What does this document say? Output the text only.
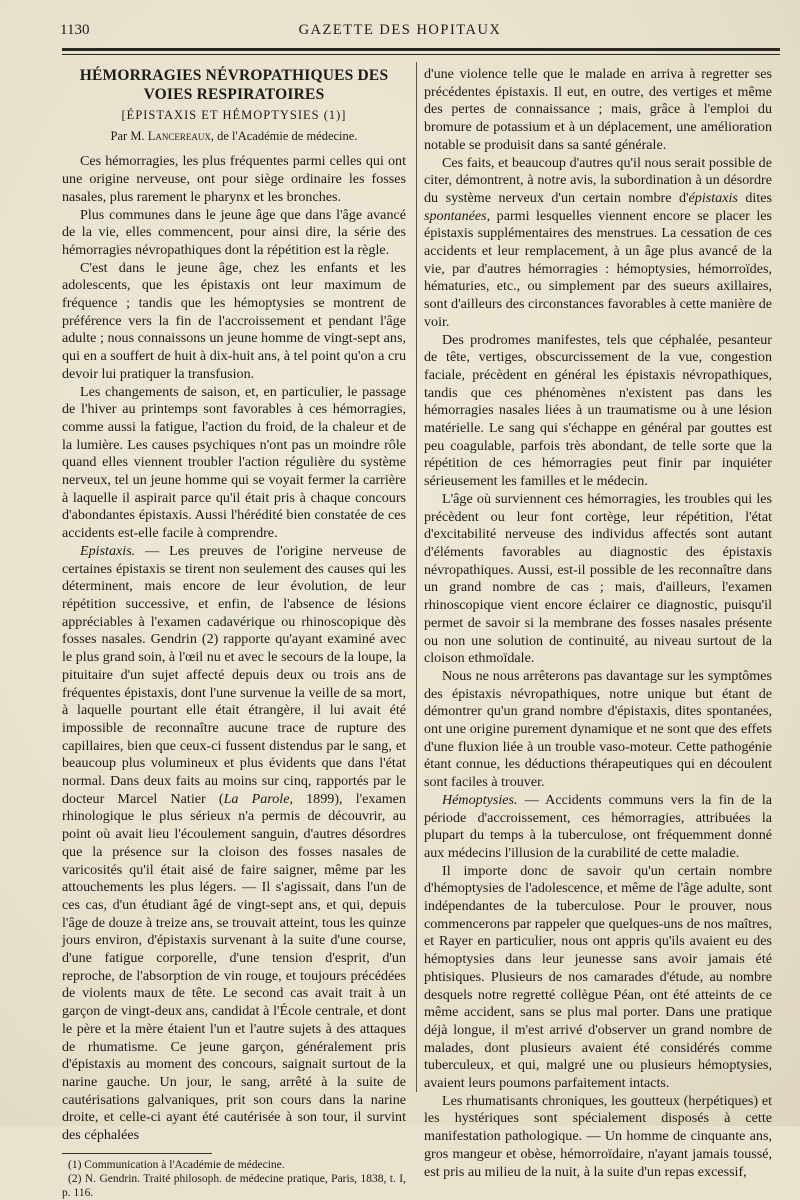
1130	GAZETTE DES HOPITAUX
HÉMORRAGIES NÉVROPATHIQUES DES VOIES RESPIRATOIRES
[ÉPISTAXIS ET HÉMOPTYSIES (1)]
Par M. Lancereaux, de l'Académie de médecine.

Ces hémorragies, les plus fréquentes parmi celles qui ont une origine nerveuse, ont pour siège ordinaire les fosses nasales, plus rarement le pharynx et les bronches.

Plus communes dans le jeune âge que dans l'âge avancé de la vie, elles commencent, pour ainsi dire, la série des hémorragies névropathiques dont la répétition est la règle.

C'est dans le jeune âge, chez les enfants et les adolescents, que les épistaxis ont leur maximum de fréquence ; tandis que les hémoptysies se montrent de préférence vers la fin de l'accroissement et pendant l'âge adulte ; nous connaissons un jeune homme de vingt-sept ans, qui en a souffert de huit à dix-huit ans, à tel point qu'on a cru devoir lui pratiquer la transfusion.

Les changements de saison, et, en particulier, le passage de l'hiver au printemps sont favorables à ces hémorragies, comme aussi la fatigue, l'action du froid, de la chaleur et de la lumière. Les causes psychiques n'ont pas un moindre rôle quand elles viennent troubler l'action régulière du système nerveux, tel un jeune homme qui se voyait fermer la carrière à laquelle il aspirait parce qu'il était pris à chaque concours d'abondantes épistaxis. Aussi l'hérédité bien constatée de ces accidents est-elle facile à comprendre.

Epistaxis. — Les preuves de l'origine nerveuse de certaines épistaxis se tirent non seulement des causes qui les déterminent, mais encore de leur évolution, de leur répétition successive, et enfin, de l'absence de lésions appréciables à l'examen cadavérique ou rhinoscopique dès fosses nasales. Gendrin (2) rapporte qu'ayant examiné avec le plus grand soin, à l'œil nu et avec le secours de la loupe, la pituitaire d'un sujet affecté depuis deux ou trois ans de fréquentes épistaxis, dont l'une survenue la veille de sa mort, à laquelle pourtant elle était étrangère, il lui avait été impossible de reconnaître aucune trace de rupture des capillaires, bien que ceux-ci fussent distendus par le sang, et beaucoup plus volumineux et plus évidents que dans l'état normal. Dans deux faits au moins sur cinq, rapportés par le docteur Marcel Natier (La Parole, 1899), l'examen rhinologique le plus sérieux n'a permis de découvrir, au point où avait lieu l'écoulement sanguin, d'autres désordres que la présence sur la cloison des fosses nasales de varicosités qu'il était aisé de faire saigner, même par les attouchements les plus légers. — Il s'agissait, dans l'un de ces cas, d'un étudiant âgé de vingt-sept ans, et qui, depuis l'âge de douze à treize ans, se trouvait atteint, tous les quinze jours environ, d'épistaxis survenant à la suite d'une course, d'une fatigue corporelle, d'une tension d'esprit, d'un reproche, de l'absorption de vin rouge, et toujours précédées de violents maux de tête. Le second cas avait trait à un garçon de vingt-deux ans, candidat à l'École centrale, et dont le père et la mère étaient l'un et l'autre sujets à des attaques de rhumatisme. Ce jeune garçon, généralement pris d'épistaxis au moment des concours, saignait surtout de la narine gauche. Un jour, le sang, arrêté à la suite de cautérisations galvaniques, prit son cours dans la narine droite, et celle-ci ayant été cautérisée à son tour, il survint des céphalées

(1) Communication à l'Académie de médecine.

(2) N. Gendrin. Traité philosoph. de médecine pratique, Paris, 1838, t. I, p. 116.

d'une violence telle que le malade en arriva à regretter ses précédentes épistaxis. Il eut, en outre, des vertiges et même des pertes de connaissance ; mais, grâce à l'emploi du bromure de potassium et à un déplacement, une amélioration notable se produisit dans sa santé générale.

Ces faits, et beaucoup d'autres qu'il nous serait possible de citer, démontrent, à notre avis, la subordination à un désordre du système nerveux d'un certain nombre d'épistaxis dites spontanées, parmi lesquelles viennent encore se placer les épistaxis supplémentaires des menstrues. La cessation de ces accidents et leur remplacement, à un âge plus avancé de la vie, par d'autres hémorragies : hémoptysies, hémorroïdes, hématuries, etc., ou simplement par des sueurs axillaires, sont d'ailleurs des circonstances favorables à cette manière de voir.

Des prodromes manifestes, tels que céphalée, pesanteur de tête, vertiges, obscurcissement de la vue, congestion faciale, précèdent en général les épistaxis névropathiques, tandis que ces phénomènes n'existent pas dans les hémorragies nasales liées à un traumatisme ou à une lésion matérielle. Le sang qui s'échappe en général par gouttes est peu coagulable, parfois très abondant, de telle sorte que la répétition de ces hémorragies peut finir par inquiéter sérieusement les familles et le médecin.

L'âge où surviennent ces hémorragies, les troubles qui les précèdent ou leur font cortège, leur répétition, l'état d'excitabilité nerveuse des individus affectés sont autant d'éléments favorables au diagnostic des épistaxis névropathiques. Aussi, est-il possible de les reconnaître dans un grand nombre de cas ; mais, d'ailleurs, l'examen rhinoscopique vient encore éclairer ce diagnostic, puisqu'il permet de savoir si la membrane des fosses nasales présente ou non une solution de continuité, au niveau surtout de la cloison ethmoïdale.

Nous ne nous arrêterons pas davantage sur les symptômes des épistaxis névropathiques, notre unique but étant de démontrer qu'un grand nombre d'épistaxis, dites spontanées, ont une origine purement dynamique et ne sont que des effets d'une fluxion liée à un trouble vaso-moteur. Cette pathogénie étant connue, les déductions thérapeutiques qui en découlent sont faciles à trouver.

Hémoptysies. — Accidents communs vers la fin de la période d'accroissement, ces hémorragies, attribuées la plupart du temps à la tuberculose, ont fréquemment donné aux médecins l'illusion de la curabilité de cette maladie.

Il importe donc de savoir qu'un certain nombre d'hémoptysies de l'adolescence, et même de l'âge adulte, sont indépendantes de la tuberculose. Pour le prouver, nous commencerons par rappeler que quelques-uns de nos maîtres, et Rayer en particulier, nous ont appris qu'ils avaient eu des hémoptysies dans leur jeunesse sans avoir jamais été phtisiques. Plusieurs de nos camarades d'étude, au nombre desquels notre regretté collègue Péan, ont été atteints de ce même accident, sans se plus mal porter. Dans une pratique déjà longue, il m'est arrivé d'observer un grand nombre de malades, dont plusieurs avaient été considérés comme tuberculeux, et qui, malgré une ou plusieurs hémoptysies, avaient leurs poumons parfaitement intacts.

Les rhumatisants chroniques, les goutteux (herpétiques) et les hystériques sont spécialement disposés à cette manifestation pathologique. — Un homme de cinquante ans, gros mangeur et obèse, hémorroïdaire, n'ayant jamais toussé, est pris au milieu de la nuit, à la suite d'un repas excessif,
